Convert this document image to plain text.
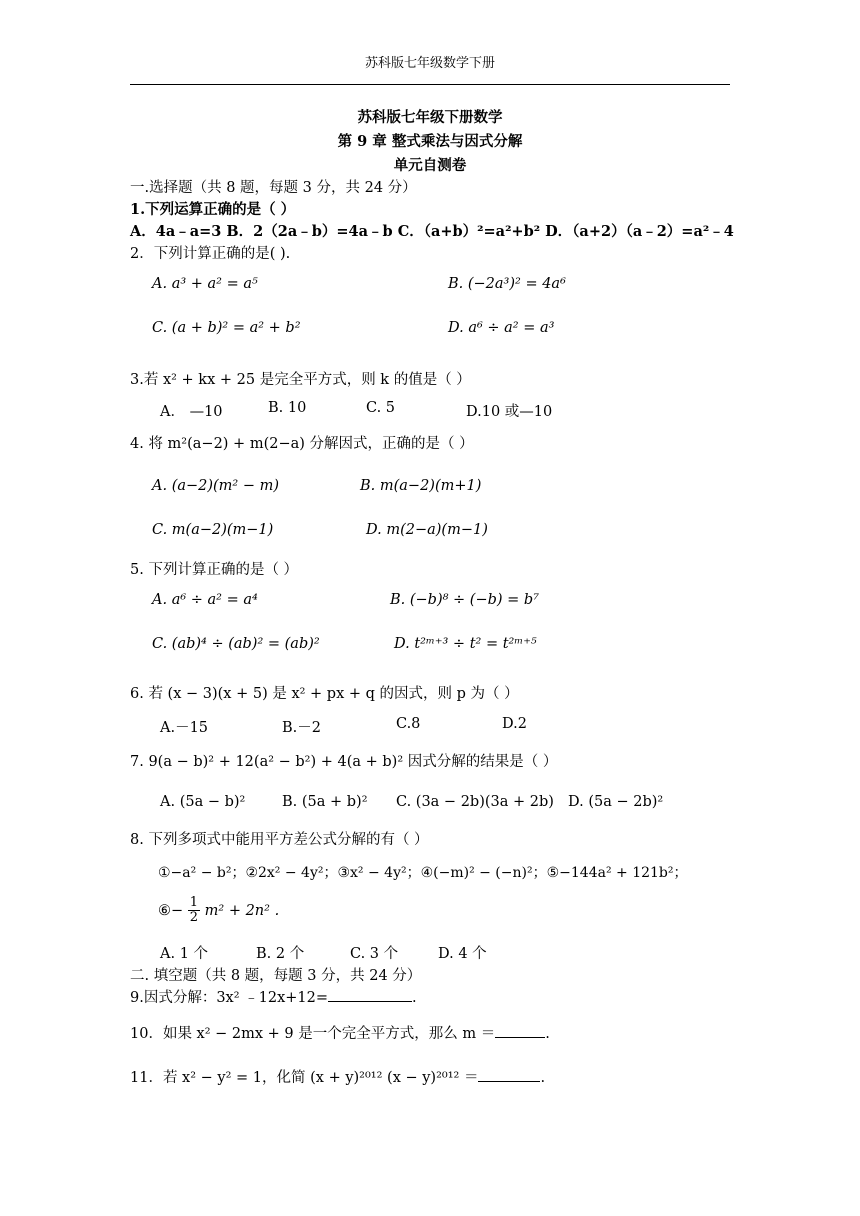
苏科版七年级数学下册
苏科版七年级下册数学
第 9 章 整式乘法与因式分解
单元自测卷
一.选择题（共 8 题，每题 3 分，共 24 分）
1.下列运算正确的是（ ）
A．4a﹣a=3 B．2（2a﹣b）=4a﹣b C．（a+b）²=a²+b² D．（a+2）（a﹣2）=a²﹣4
2．下列计算正确的是( ).
A. a³ + a² = a⁵	B. (−2a³)² = 4a⁶
C. (a + b)² = a² + b²	D. a⁶ ÷ a² = a³
3.若 x² + kx + 25 是完全平方式，则 k 的值是（ ）
A． —10	B. 10	C. 5	D.10 或—10
4. 将 m²(a−2) + m(2−a) 分解因式，正确的是（ ）
A. (a−2)(m² − m)	B. m(a−2)(m+1)
C. m(a−2)(m−1)	D. m(2−a)(m−1)
5. 下列计算正确的是（ ）
A. a⁶ ÷ a² = a⁴	B. (−b)⁸ ÷ (−b) = b⁷
C. (ab)⁴ ÷ (ab)² = (ab)²	D. t²ᵐ⁺³ ÷ t² = t²ᵐ⁺⁵
6. 若 (x − 3)(x + 5) 是 x² + px + q 的因式，则 p 为（ ）
A.－15	B.－2	C.8	D.2
7. 9(a − b)² + 12(a² − b²) + 4(a + b)² 因式分解的结果是（ ）
A. (5a − b)²	B. (5a + b)² C. (3a − 2b)(3a + 2b) D. (5a − 2b)²
8. 下列多项式中能用平方差公式分解的有（ ）
①−a² − b²；②2x² − 4y²；③x² − 4y²；④(−m)² − (−n)²；⑤−144a² + 121b²；
⑥− $\frac{1}{2} m^2 + 2n^2$ .
A. 1 个	B. 2 个	C. 3 个	D. 4 个
二. 填空题（共 8 题，每题 3 分，共 24 分）
9.因式分解：3x² ﹣12x+12=	.
10．如果 x² − 2mx + 9 是一个完全平方式，那么 m ＝	.
11．若 x² − y² = 1，化简 (x + y)²⁰¹² (x − y)²⁰¹² ＝	.
